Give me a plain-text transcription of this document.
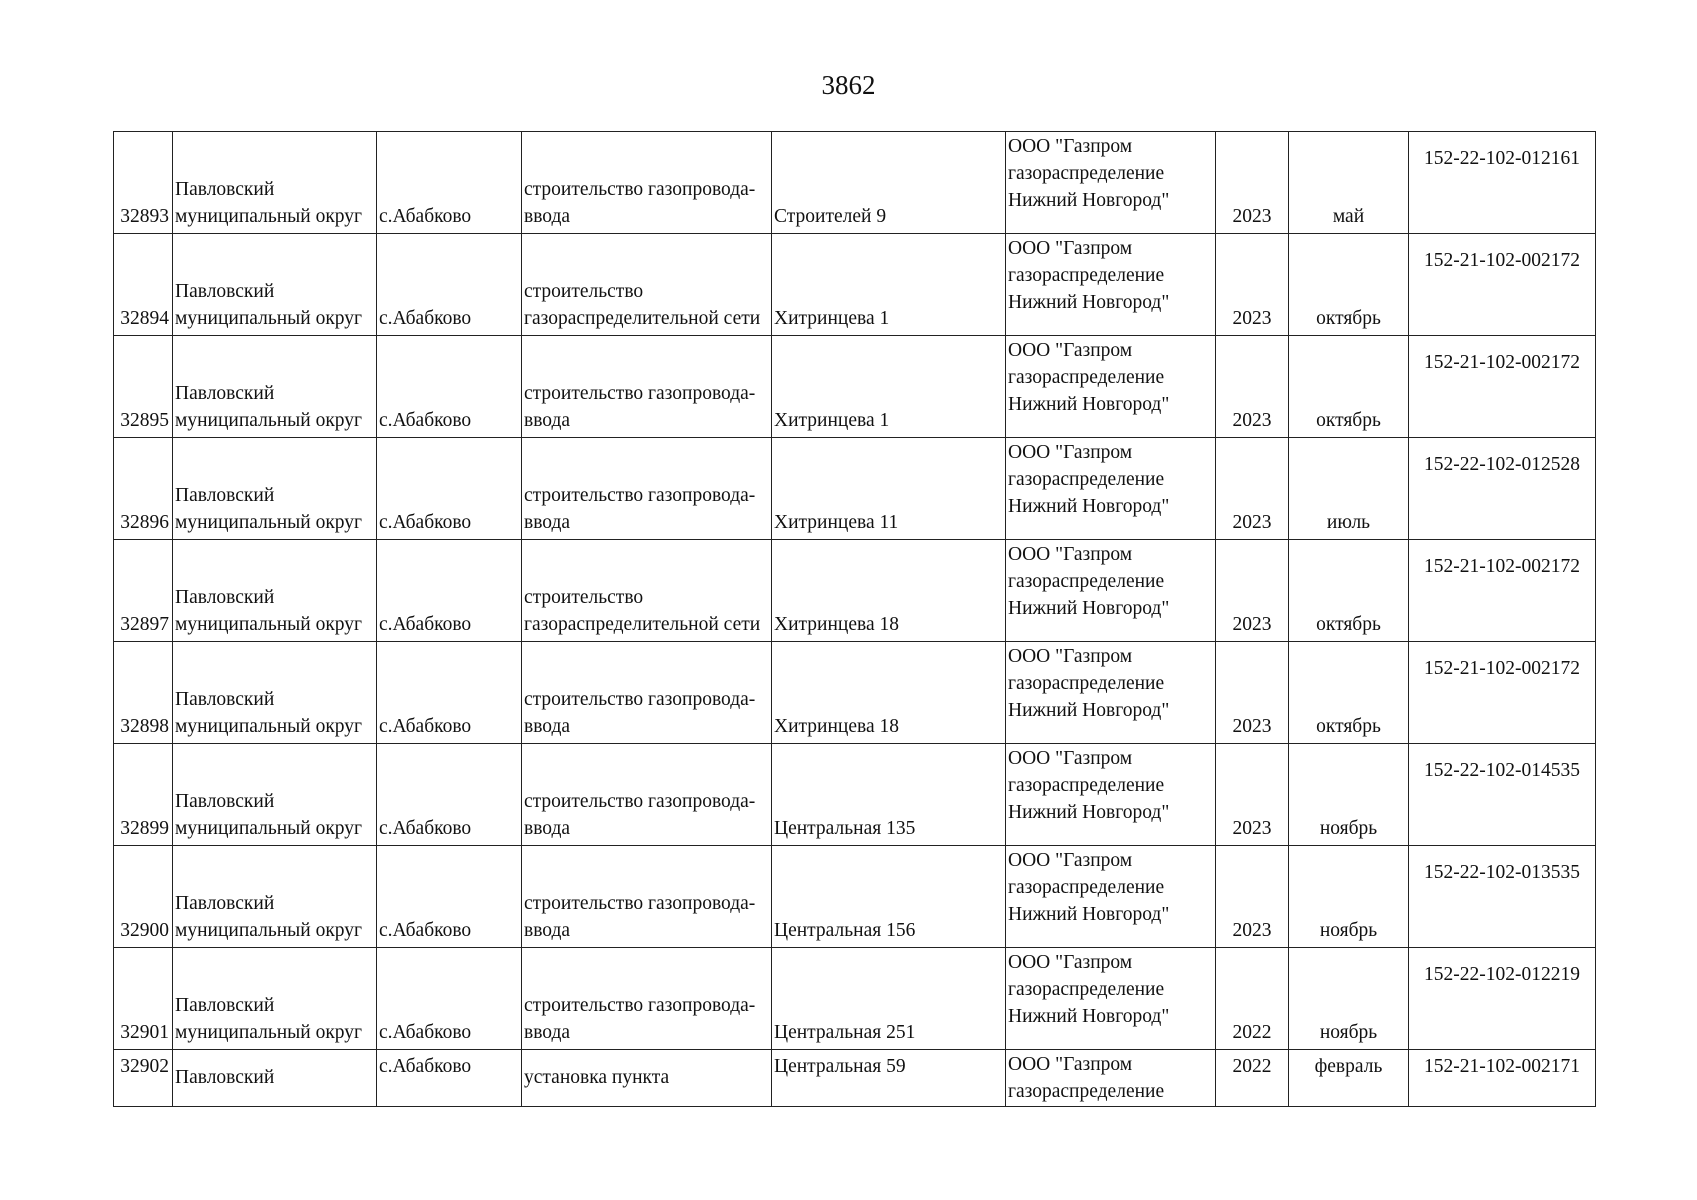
3862
32893	Павловский
муниципальный округ	с.Абабково	строительство газопровода-
ввода	Строителей 9	ООО "Газпром
газораспределение
Нижний Новгород"	2023	май	152-22-102-012161

32894	Павловский
муниципальный округ	с.Абабково	строительство
газораспределительной сети	Хитринцева 1	ООО "Газпром
газораспределение
Нижний Новгород"	2023	октябрь	152-21-102-002172

32895	Павловский
муниципальный округ	с.Абабково	строительство газопровода-
ввода	Хитринцева 1	ООО "Газпром
газораспределение
Нижний Новгород"	2023	октябрь	152-21-102-002172

32896	Павловский
муниципальный округ	с.Абабково	строительство газопровода-
ввода	Хитринцева 11	ООО "Газпром
газораспределение
Нижний Новгород"	2023	июль	152-22-102-012528

32897	Павловский
муниципальный округ	с.Абабково	строительство
газораспределительной сети	Хитринцева 18	ООО "Газпром
газораспределение
Нижний Новгород"	2023	октябрь	152-21-102-002172

32898	Павловский
муниципальный округ	с.Абабково	строительство газопровода-
ввода	Хитринцева 18	ООО "Газпром
газораспределение
Нижний Новгород"	2023	октябрь	152-21-102-002172

32899	Павловский
муниципальный округ	с.Абабково	строительство газопровода-
ввода	Центральная 135	ООО "Газпром
газораспределение
Нижний Новгород"	2023	ноябрь	152-22-102-014535

32900	Павловский
муниципальный округ	с.Абабково	строительство газопровода-
ввода	Центральная 156	ООО "Газпром
газораспределение
Нижний Новгород"	2023	ноябрь	152-22-102-013535

32901	Павловский
муниципальный округ	с.Абабково	строительство газопровода-
ввода	Центральная 251	ООО "Газпром
газораспределение
Нижний Новгород"	2022	ноябрь	152-22-102-012219

32902	Павловский	с.Абабково	установка пункта	Центральная 59	ООО "Газпром
газораспределение	2022	февраль	152-21-102-002171
